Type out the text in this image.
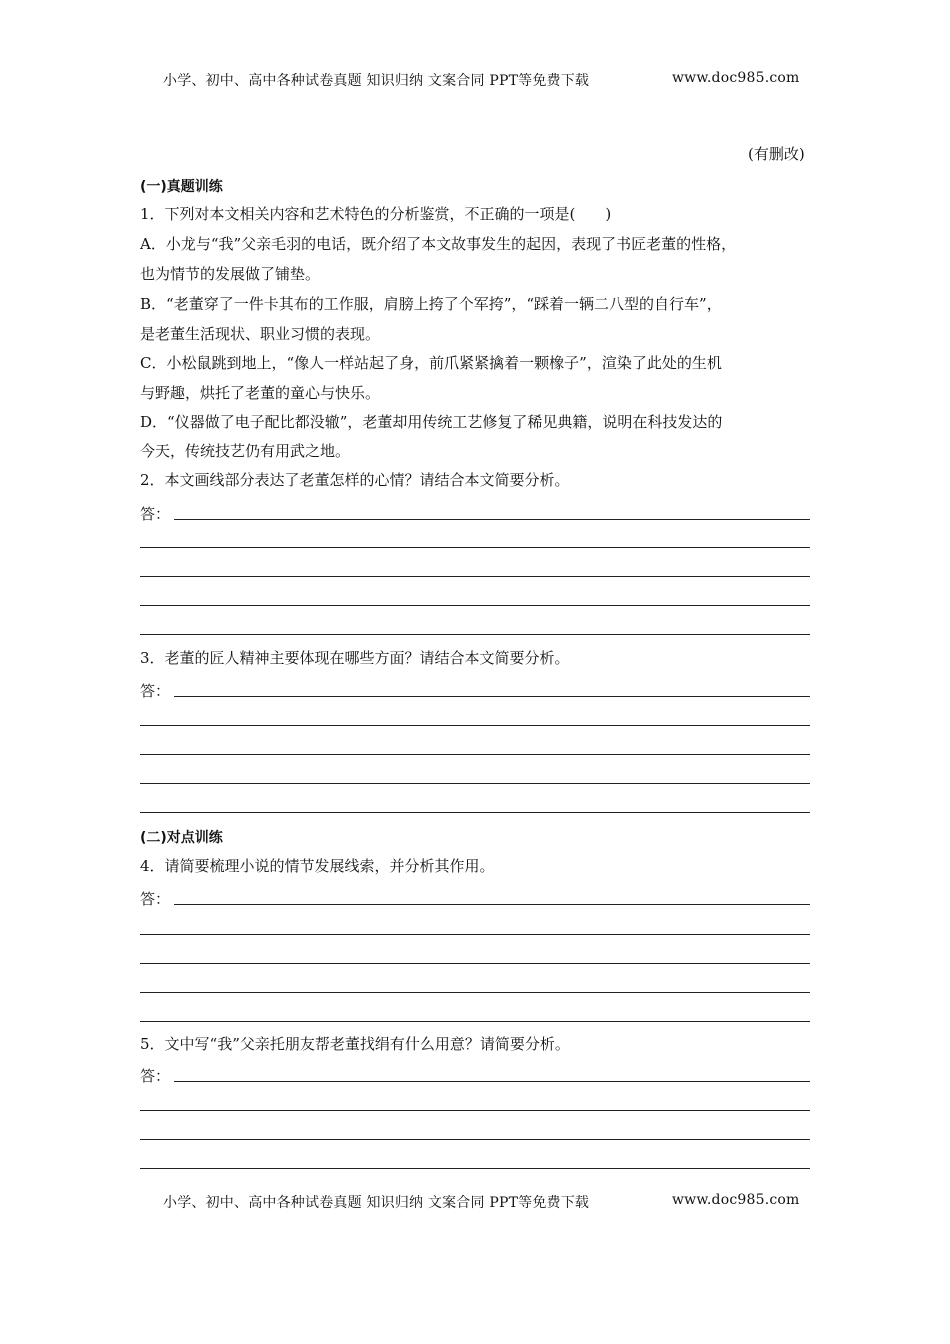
小学、初中、高中各种试卷真题 知识归纳 文案合同 PPT等免费下载	www.doc985.com
(有删改)
(一)真题训练
1．下列对本文相关内容和艺术特色的分析鉴赏，不正确的一项是(　　)
A．小龙与“我”父亲毛羽的电话，既介绍了本文故事发生的起因，表现了书匠老董的性格，
也为情节的发展做了铺垫。
B．“老董穿了一件卡其布的工作服，肩膀上挎了个军挎”，“踩着一辆二八型的自行车”，
是老董生活现状、职业习惯的表现。
C．小松鼠跳到地上，“像人一样站起了身，前爪紧紧擒着一颗橡子”，渲染了此处的生机
与野趣，烘托了老董的童心与快乐。
D．“仪器做了电子配比都没辙”，老董却用传统工艺修复了稀见典籍，说明在科技发达的
今天，传统技艺仍有用武之地。
2．本文画线部分表达了老董怎样的心情？请结合本文简要分析。
答：
3．老董的匠人精神主要体现在哪些方面？请结合本文简要分析。
答：
(二)对点训练
4．请简要梳理小说的情节发展线索，并分析其作用。
答：
5．文中写“我”父亲托朋友帮老董找绢有什么用意？请简要分析。
答：
小学、初中、高中各种试卷真题 知识归纳 文案合同 PPT等免费下载	www.doc985.com
